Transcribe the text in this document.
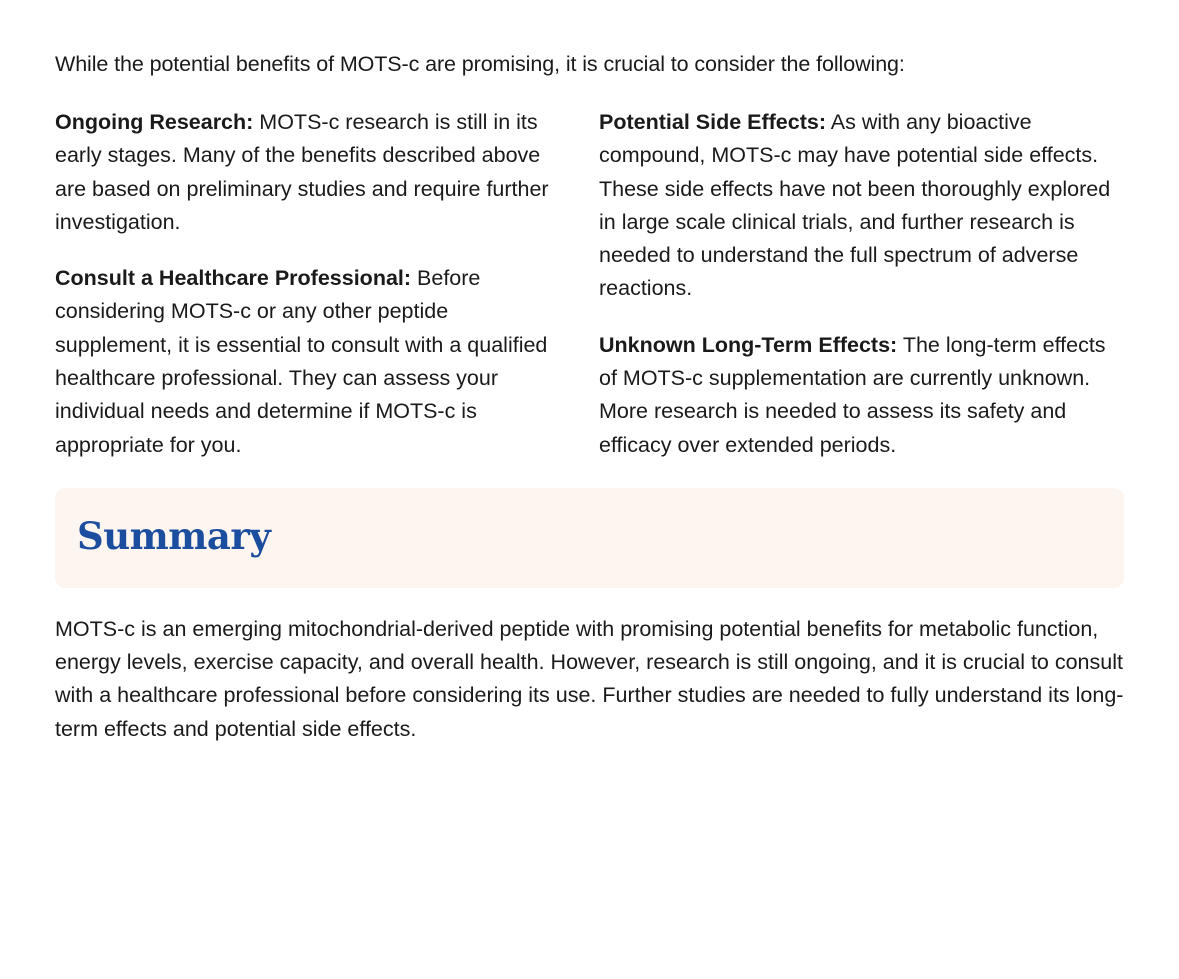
While the potential benefits of MOTS-c are promising, it is crucial to consider the following:

Ongoing Research: MOTS-c research is still in its early stages. Many of the benefits described above are based on preliminary studies and require further investigation.

Consult a Healthcare Professional: Before considering MOTS-c or any other peptide supplement, it is essential to consult with a qualified healthcare professional. They can assess your individual needs and determine if MOTS-c is appropriate for you.

Potential Side Effects: As with any bioactive compound, MOTS-c may have potential side effects. These side effects have not been thoroughly explored in large scale clinical trials, and further research is needed to understand the full spectrum of adverse reactions.

Unknown Long-Term Effects: The long-term effects of MOTS-c supplementation are currently unknown. More research is needed to assess its safety and efficacy over extended periods.

Summary

MOTS-c is an emerging mitochondrial-derived peptide with promising potential benefits for metabolic function, energy levels, exercise capacity, and overall health. However, research is still ongoing, and it is crucial to consult with a healthcare professional before considering its use. Further studies are needed to fully understand its long-term effects and potential side effects.
